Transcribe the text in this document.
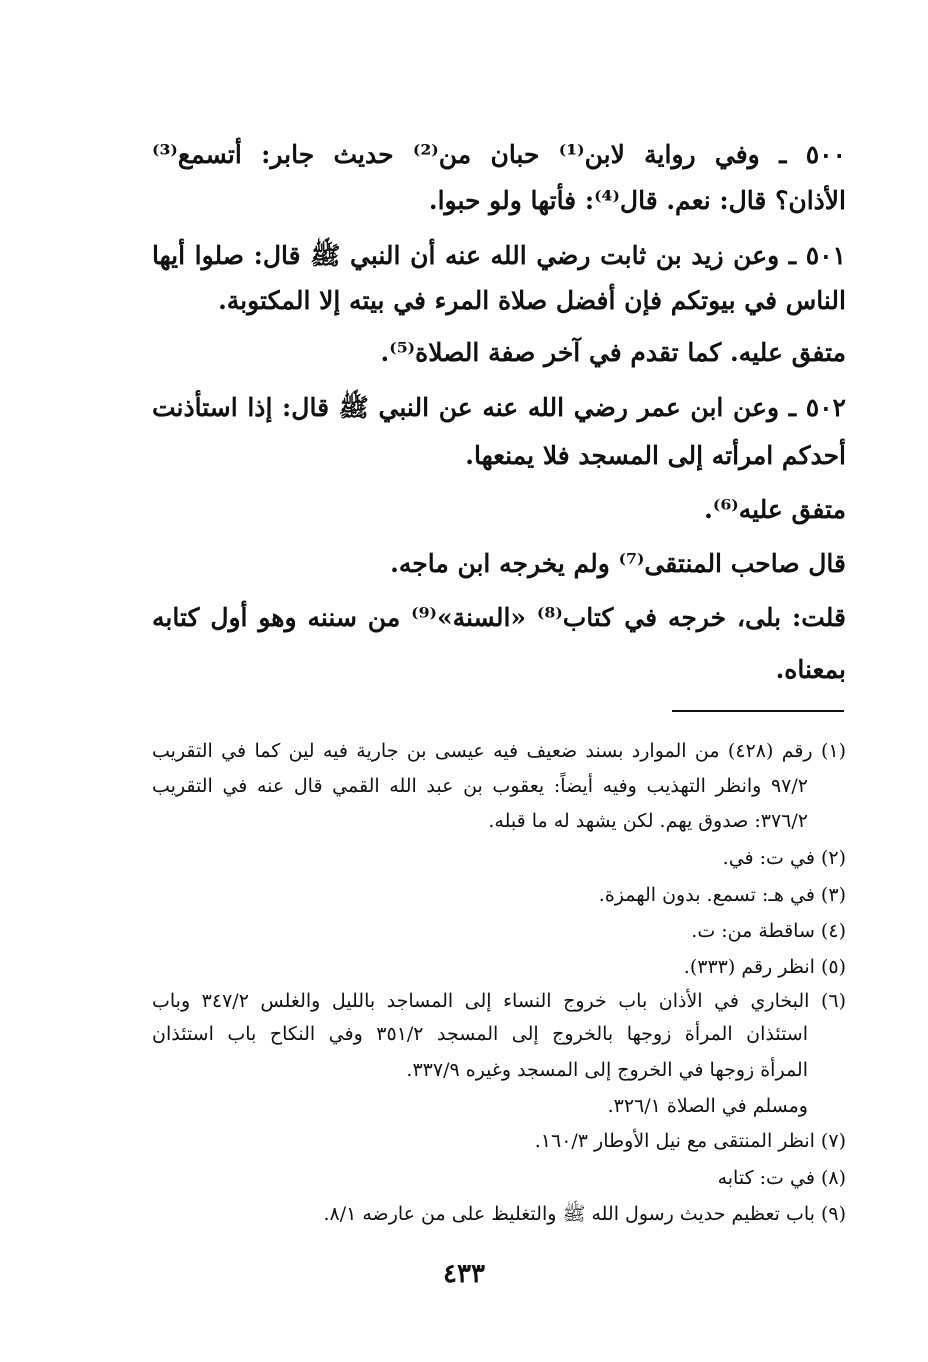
٥٠٠ ـ وفي رواية لابن⁽¹⁾ حبان من⁽²⁾ حديث جابر: أتسمع⁽³⁾
الأذان؟ قال: نعم. قال⁽⁴⁾: فأتها ولو حبوا.
٥٠١ ـ وعن زيد بن ثابت رضي الله عنه أن النبي ﷺ قال: صلوا أيها
الناس في بيوتكم فإن أفضل صلاة المرء في بيته إلا المكتوبة.
متفق عليه. كما تقدم في آخر صفة الصلاة⁽⁵⁾.
٥٠٢ ـ وعن ابن عمر رضي الله عنه عن النبي ﷺ قال: إذا استأذنت
أحدكم امرأته إلى المسجد فلا يمنعها.
متفق عليه⁽⁶⁾.
قال صاحب المنتقى⁽⁷⁾ ولم يخرجه ابن ماجه.
قلت: بلى، خرجه في كتاب⁽⁸⁾ «السنة»⁽⁹⁾ من سننه وهو أول كتابه
بمعناه.
(١) رقم (٤٢٨) من الموارد بسند ضعيف فيه عيسى بن جارية فيه لين كما في التقريب
٩٧/٢ وانظر التهذيب وفيه أيضاً: يعقوب بن عبد الله القمي قال عنه في التقريب
٣٧٦/٢: صدوق يهم. لكن يشهد له ما قبله.
(٢) في ت: في.
(٣) في هـ: تسمع. بدون الهمزة.
(٤) ساقطة من: ت.
(٥) انظر رقم (٣٣٣).
(٦) البخاري في الأذان باب خروج النساء إلى المساجد بالليل والغلس ٣٤٧/٢ وباب
استئذان المرأة زوجها بالخروج إلى المسجد ٣٥١/٢ وفي النكاح باب استئذان
المرأة زوجها في الخروج إلى المسجد وغيره ٣٣٧/٩.
ومسلم في الصلاة ٣٢٦/١.
(٧) انظر المنتقى مع نيل الأوطار ١٦٠/٣.
(٨) في ت: كتابه
(٩) باب تعظيم حديث رسول الله ﷺ والتغليظ على من عارضه ٨/١.
٤٣٣
